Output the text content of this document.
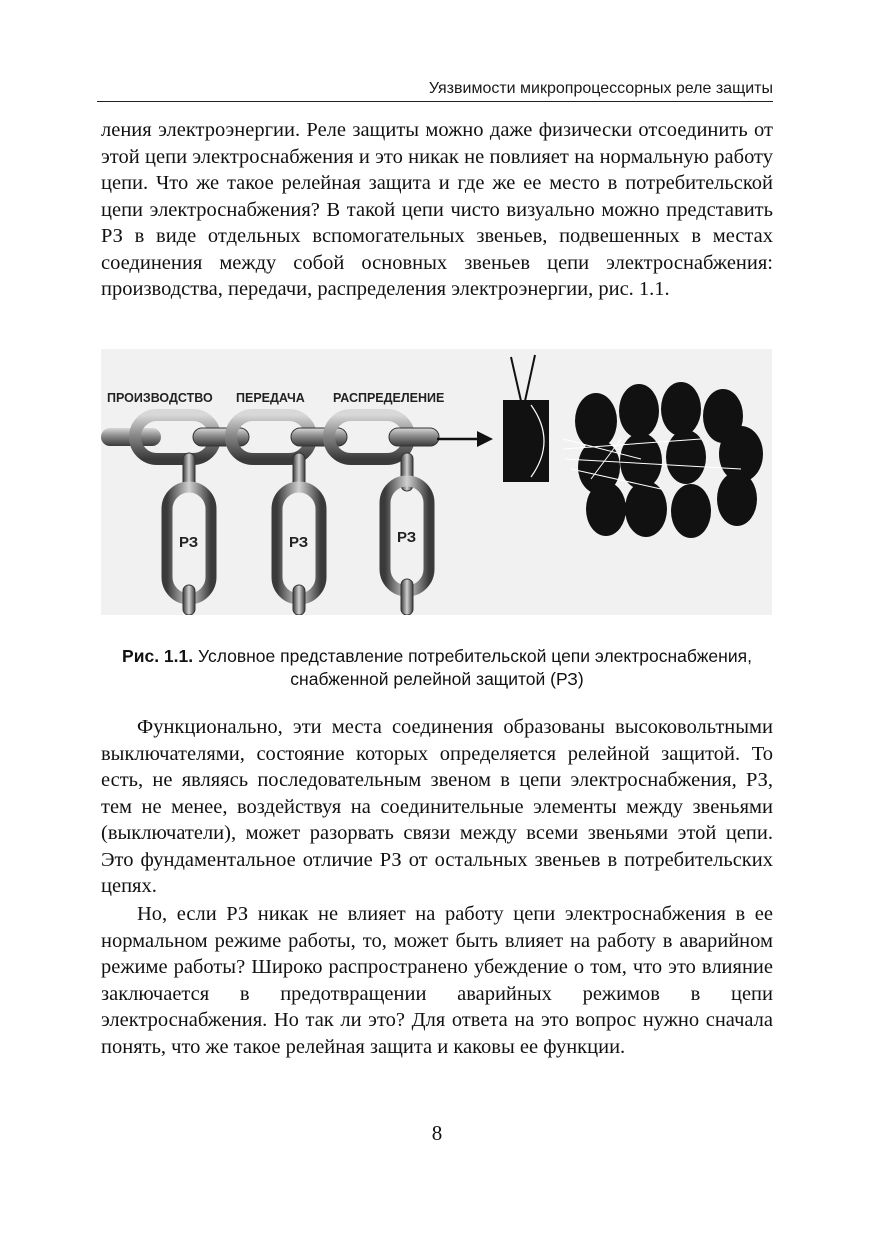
Уязвимости микропроцессорных реле защиты

ления электроэнергии. Реле защиты можно даже физически отсоединить от этой цепи электроснабжения и это никак не повлияет на нормальную работу цепи. Что же такое релейная защита и где же ее место в потребительской цепи электроснабжения? В такой цепи чисто визуально можно представить РЗ в виде отдельных вспомогательных звеньев, подвешенных в местах соединения между собой основных звеньев цепи электроснабжения: производства, передачи, распределения электроэнергии, рис. 1.1.

ПРОИЗВОДСТВО ПЕРЕДАЧА РАСПРЕДЕЛЕНИЕ
РЗ	РЗ	РЗ
Рис. 1.1. Условное представление потребительской цепи электроснабжения, снабженной релейной защитой (РЗ)

Функционально, эти места соединения образованы высоковольтными выключателями, состояние которых определяется релейной защитой. То есть, не являясь последовательным звеном в цепи электроснабжения, РЗ, тем не менее, воздействуя на соединительные элементы между звеньями (выключатели), может разорвать связи между всеми звеньями этой цепи. Это фундаментальное отличие РЗ от остальных звеньев в потребительских цепях.

Но, если РЗ никак не влияет на работу цепи электроснабжения в ее нормальном режиме работы, то, может быть влияет на работу в аварийном режиме работы? Широко распространено убеждение о том, что это влияние заключается в предотвращении аварийных режимов в цепи электроснабжения. Но так ли это? Для ответа на это вопрос нужно сначала понять, что же такое релейная защита и каковы ее функции.

8
